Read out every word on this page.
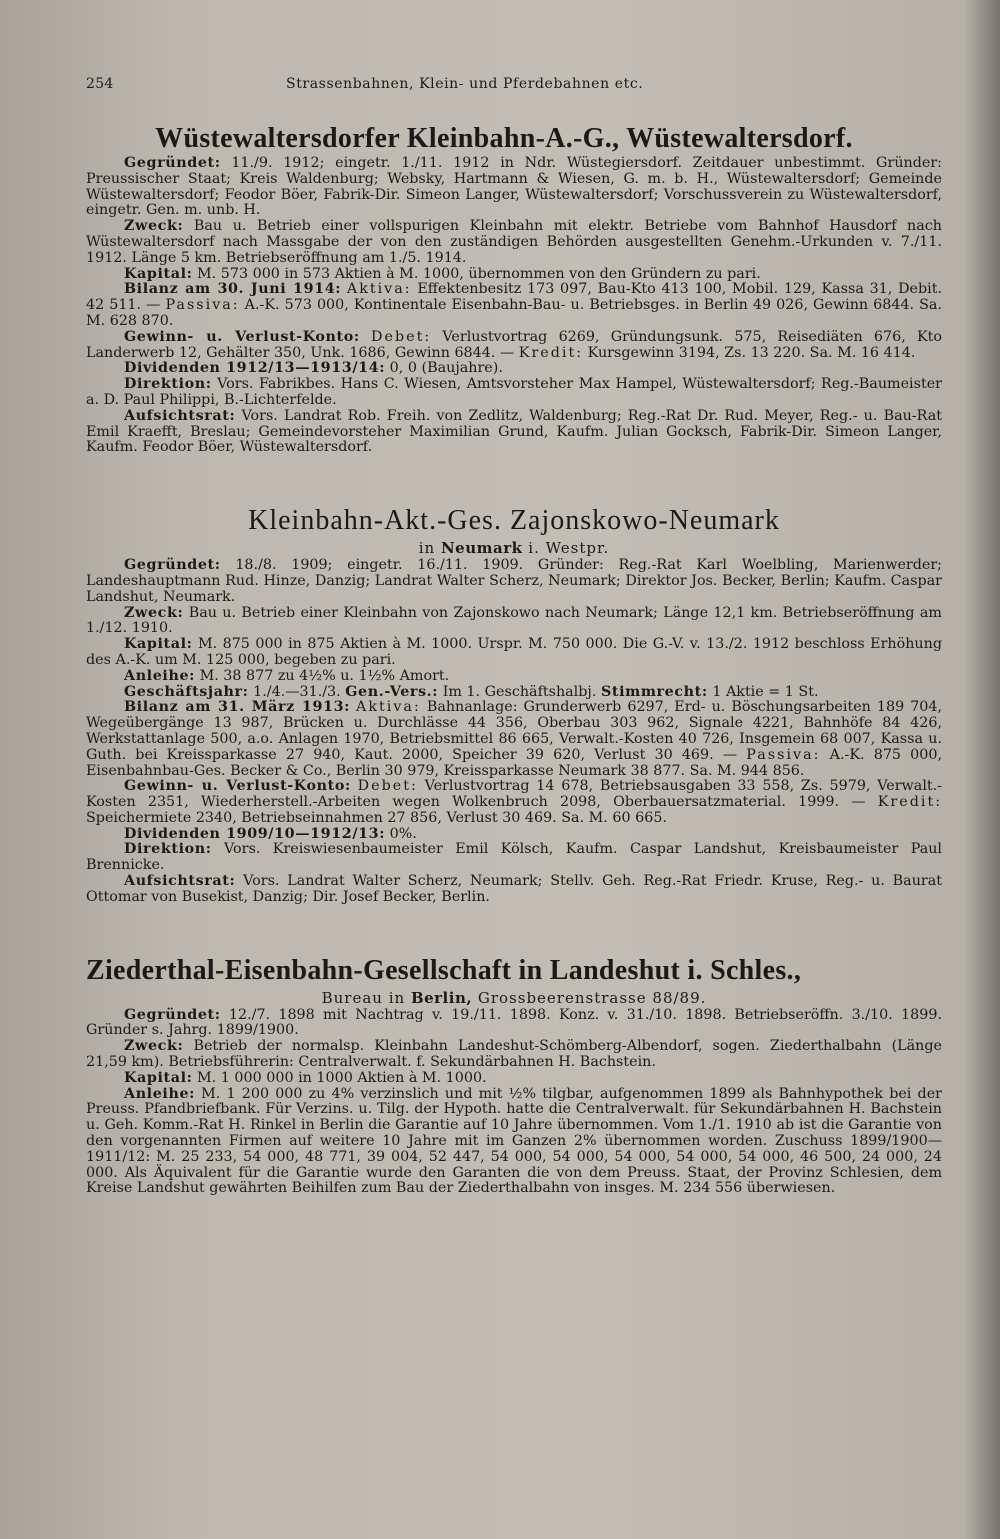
254	Strassenbahnen, Klein- und Pferdebahnen etc.
Wüstewaltersdorfer Kleinbahn-A.-G., Wüstewaltersdorf.

Gegründet: 11./9. 1912; eingetr. 1./11. 1912 in Ndr. Wüstegiersdorf. Zeitdauer unbestimmt. Gründer: Preussischer Staat; Kreis Waldenburg; Websky, Hartmann & Wiesen, G. m. b. H., Wüstewaltersdorf; Gemeinde Wüstewaltersdorf; Feodor Böer, Fabrik-Dir. Simeon Langer, Wüstewaltersdorf; Vorschussverein zu Wüstewaltersdorf, eingetr. Gen. m. unb. H.

Zweck: Bau u. Betrieb einer vollspurigen Kleinbahn mit elektr. Betriebe vom Bahnhof Hausdorf nach Wüstewaltersdorf nach Massgabe der von den zuständigen Behörden ausgestellten Genehm.-Urkunden v. 7./11. 1912. Länge 5 km. Betriebseröffnung am 1./5. 1914.

Kapital: M. 573 000 in 573 Aktien à M. 1000, übernommen von den Gründern zu pari.

Bilanz am 30. Juni 1914: Aktiva: Effektenbesitz 173 097, Bau-Kto 413 100, Mobil. 129, Kassa 31, Debit. 42 511. — Passiva: A.-K. 573 000, Kontinentale Eisenbahn-Bau- u. Betriebsges. in Berlin 49 026, Gewinn 6844. Sa. M. 628 870.

Gewinn- u. Verlust-Konto: Debet: Verlustvortrag 6269, Gründungsunk. 575, Reisediäten 676, Kto Landerwerb 12, Gehälter 350, Unk. 1686, Gewinn 6844. — Kredit: Kursgewinn 3194, Zs. 13 220. Sa. M. 16 414.

Dividenden 1912/13—1913/14: 0, 0 (Baujahre).

Direktion: Vors. Fabrikbes. Hans C. Wiesen, Amtsvorsteher Max Hampel, Wüstewaltersdorf; Reg.-Baumeister a. D. Paul Philippi, B.-Lichterfelde.

Aufsichtsrat: Vors. Landrat Rob. Freih. von Zedlitz, Waldenburg; Reg.-Rat Dr. Rud. Meyer, Reg.- u. Bau-Rat Emil Kraefft, Breslau; Gemeindevorsteher Maximilian Grund, Kaufm. Julian Gocksch, Fabrik-Dir. Simeon Langer, Kaufm. Feodor Böer, Wüstewaltersdorf.

Kleinbahn-Akt.-Ges. Zajonskowo-Neumark
in Neumark i. Westpr.

Gegründet: 18./8. 1909; eingetr. 16./11. 1909. Gründer: Reg.-Rat Karl Woelbling, Marienwerder; Landeshauptmann Rud. Hinze, Danzig; Landrat Walter Scherz, Neumark; Direktor Jos. Becker, Berlin; Kaufm. Caspar Landshut, Neumark.

Zweck: Bau u. Betrieb einer Kleinbahn von Zajonskowo nach Neumark; Länge 12,1 km. Betriebseröffnung am 1./12. 1910.

Kapital: M. 875 000 in 875 Aktien à M. 1000. Urspr. M. 750 000. Die G.-V. v. 13./2. 1912 beschloss Erhöhung des A.-K. um M. 125 000, begeben zu pari.

Anleihe: M. 38 877 zu 4½% u. 1½% Amort.

Geschäftsjahr: 1./4.—31./3. Gen.-Vers.: Im 1. Geschäftshalbj. Stimmrecht: 1 Aktie = 1 St.

Bilanz am 31. März 1913: Aktiva: Bahnanlage: Grunderwerb 6297, Erd- u. Böschungsarbeiten 189 704, Wegeübergänge 13 987, Brücken u. Durchlässe 44 356, Oberbau 303 962, Signale 4221, Bahnhöfe 84 426, Werkstattanlage 500, a.o. Anlagen 1970, Betriebsmittel 86 665, Verwalt.-Kosten 40 726, Insgemein 68 007, Kassa u. Guth. bei Kreissparkasse 27 940, Kaut. 2000, Speicher 39 620, Verlust 30 469. — Passiva: A.-K. 875 000, Eisenbahnbau-Ges. Becker & Co., Berlin 30 979, Kreissparkasse Neumark 38 877. Sa. M. 944 856.

Gewinn- u. Verlust-Konto: Debet: Verlustvortrag 14 678, Betriebsausgaben 33 558, Zs. 5979, Verwalt.-Kosten 2351, Wiederherstell.-Arbeiten wegen Wolkenbruch 2098, Oberbauersatzmaterial. 1999. — Kredit: Speichermiete 2340, Betriebseinnahmen 27 856, Verlust 30 469. Sa. M. 60 665.

Dividenden 1909/10—1912/13: 0%.

Direktion: Vors. Kreiswiesenbaumeister Emil Kölsch, Kaufm. Caspar Landshut, Kreisbaumeister Paul Brennicke.

Aufsichtsrat: Vors. Landrat Walter Scherz, Neumark; Stellv. Geh. Reg.-Rat Friedr. Kruse, Reg.- u. Baurat Ottomar von Busekist, Danzig; Dir. Josef Becker, Berlin.

Ziederthal-Eisenbahn-Gesellschaft in Landeshut i. Schles.,
Bureau in Berlin, Grossbeerenstrasse 88/89.

Gegründet: 12./7. 1898 mit Nachtrag v. 19./11. 1898. Konz. v. 31./10. 1898. Betriebseröffn. 3./10. 1899. Gründer s. Jahrg. 1899/1900.

Zweck: Betrieb der normalsp. Kleinbahn Landeshut-Schömberg-Albendorf, sogen. Ziederthalbahn (Länge 21,59 km). Betriebsführerin: Centralverwalt. f. Sekundärbahnen H. Bachstein.

Kapital: M. 1 000 000 in 1000 Aktien à M. 1000.

Anleihe: M. 1 200 000 zu 4% verzinslich und mit ½% tilgbar, aufgenommen 1899 als Bahnhypothek bei der Preuss. Pfandbriefbank. Für Verzins. u. Tilg. der Hypoth. hatte die Centralverwalt. für Sekundärbahnen H. Bachstein u. Geh. Komm.-Rat H. Rinkel in Berlin die Garantie auf 10 Jahre übernommen. Vom 1./1. 1910 ab ist die Garantie von den vorgenannten Firmen auf weitere 10 Jahre mit im Ganzen 2% übernommen worden. Zuschuss 1899/1900—1911/12: M. 25 233, 54 000, 48 771, 39 004, 52 447, 54 000, 54 000, 54 000, 54 000, 54 000, 46 500, 24 000, 24 000. Als Äquivalent für die Garantie wurde den Garanten die von dem Preuss. Staat, der Provinz Schlesien, dem Kreise Landshut gewährten Beihilfen zum Bau der Ziederthalbahn von insges. M. 234 556 überwiesen.
